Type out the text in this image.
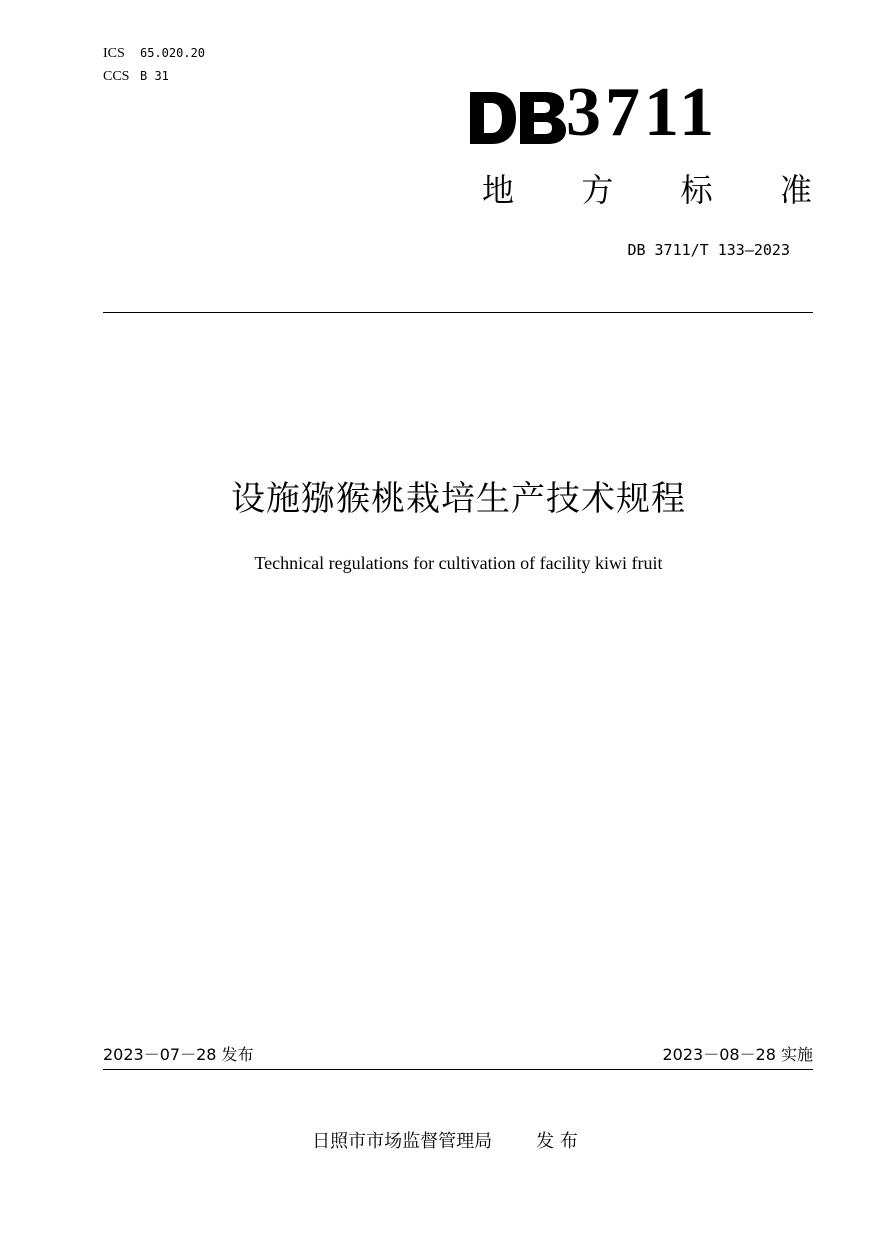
ICS	65.020.20
CCS B 31	3711
地 方 标 准
DB 3711/T 133—2023
设施猕猴桃栽培生产技术规程
Technical regulations for cultivation of facility kiwi fruit
2023－07－28 发布	2023－08－28 实施
日照市市场监督管理局 发 布
